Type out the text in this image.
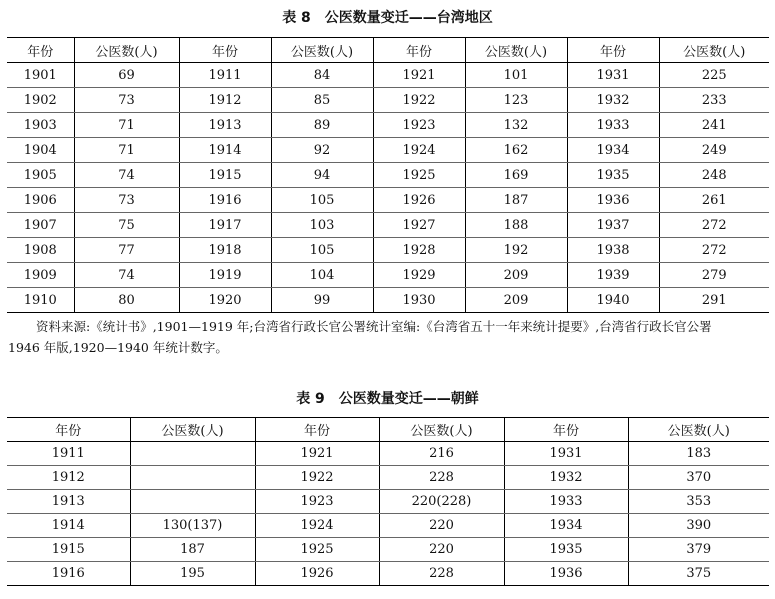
表 8　公医数量变迁——台湾地区
年份	公医数(人)	年份	公医数(人)	年份	公医数(人)	年份	公医数(人)
1901	69	1911	84	1921	101	1931	225
1902	73	1912	85	1922	123	1932	233
1903	71	1913	89	1923	132	1933	241
1904	71	1914	92	1924	162	1934	249
1905	74	1915	94	1925	169	1935	248
1906	73	1916	105	1926	187	1936	261
1907	75	1917	103	1927	188	1937	272
1908	77	1918	105	1928	192	1938	272
1909	74	1919	104	1929	209	1939	279
1910	80	1920	99	1930	209	1940	291
资料来源:《统计书》,1901—1919 年;台湾省行政长官公署统计室编:《台湾省五十一年来统计提要》,台湾省行政长官公署
1946 年版,1920—1940 年统计数字。
表 9　公医数量变迁——朝鲜
年份	公医数(人)	年份	公医数(人)	年份	公医数(人)
1911		1921	216	1931	183
1912		1922	228	1932	370
1913		1923	220(228)	1933	353
1914	130(137)	1924	220	1934	390
1915	187	1925	220	1935	379
1916	195	1926	228	1936	375
